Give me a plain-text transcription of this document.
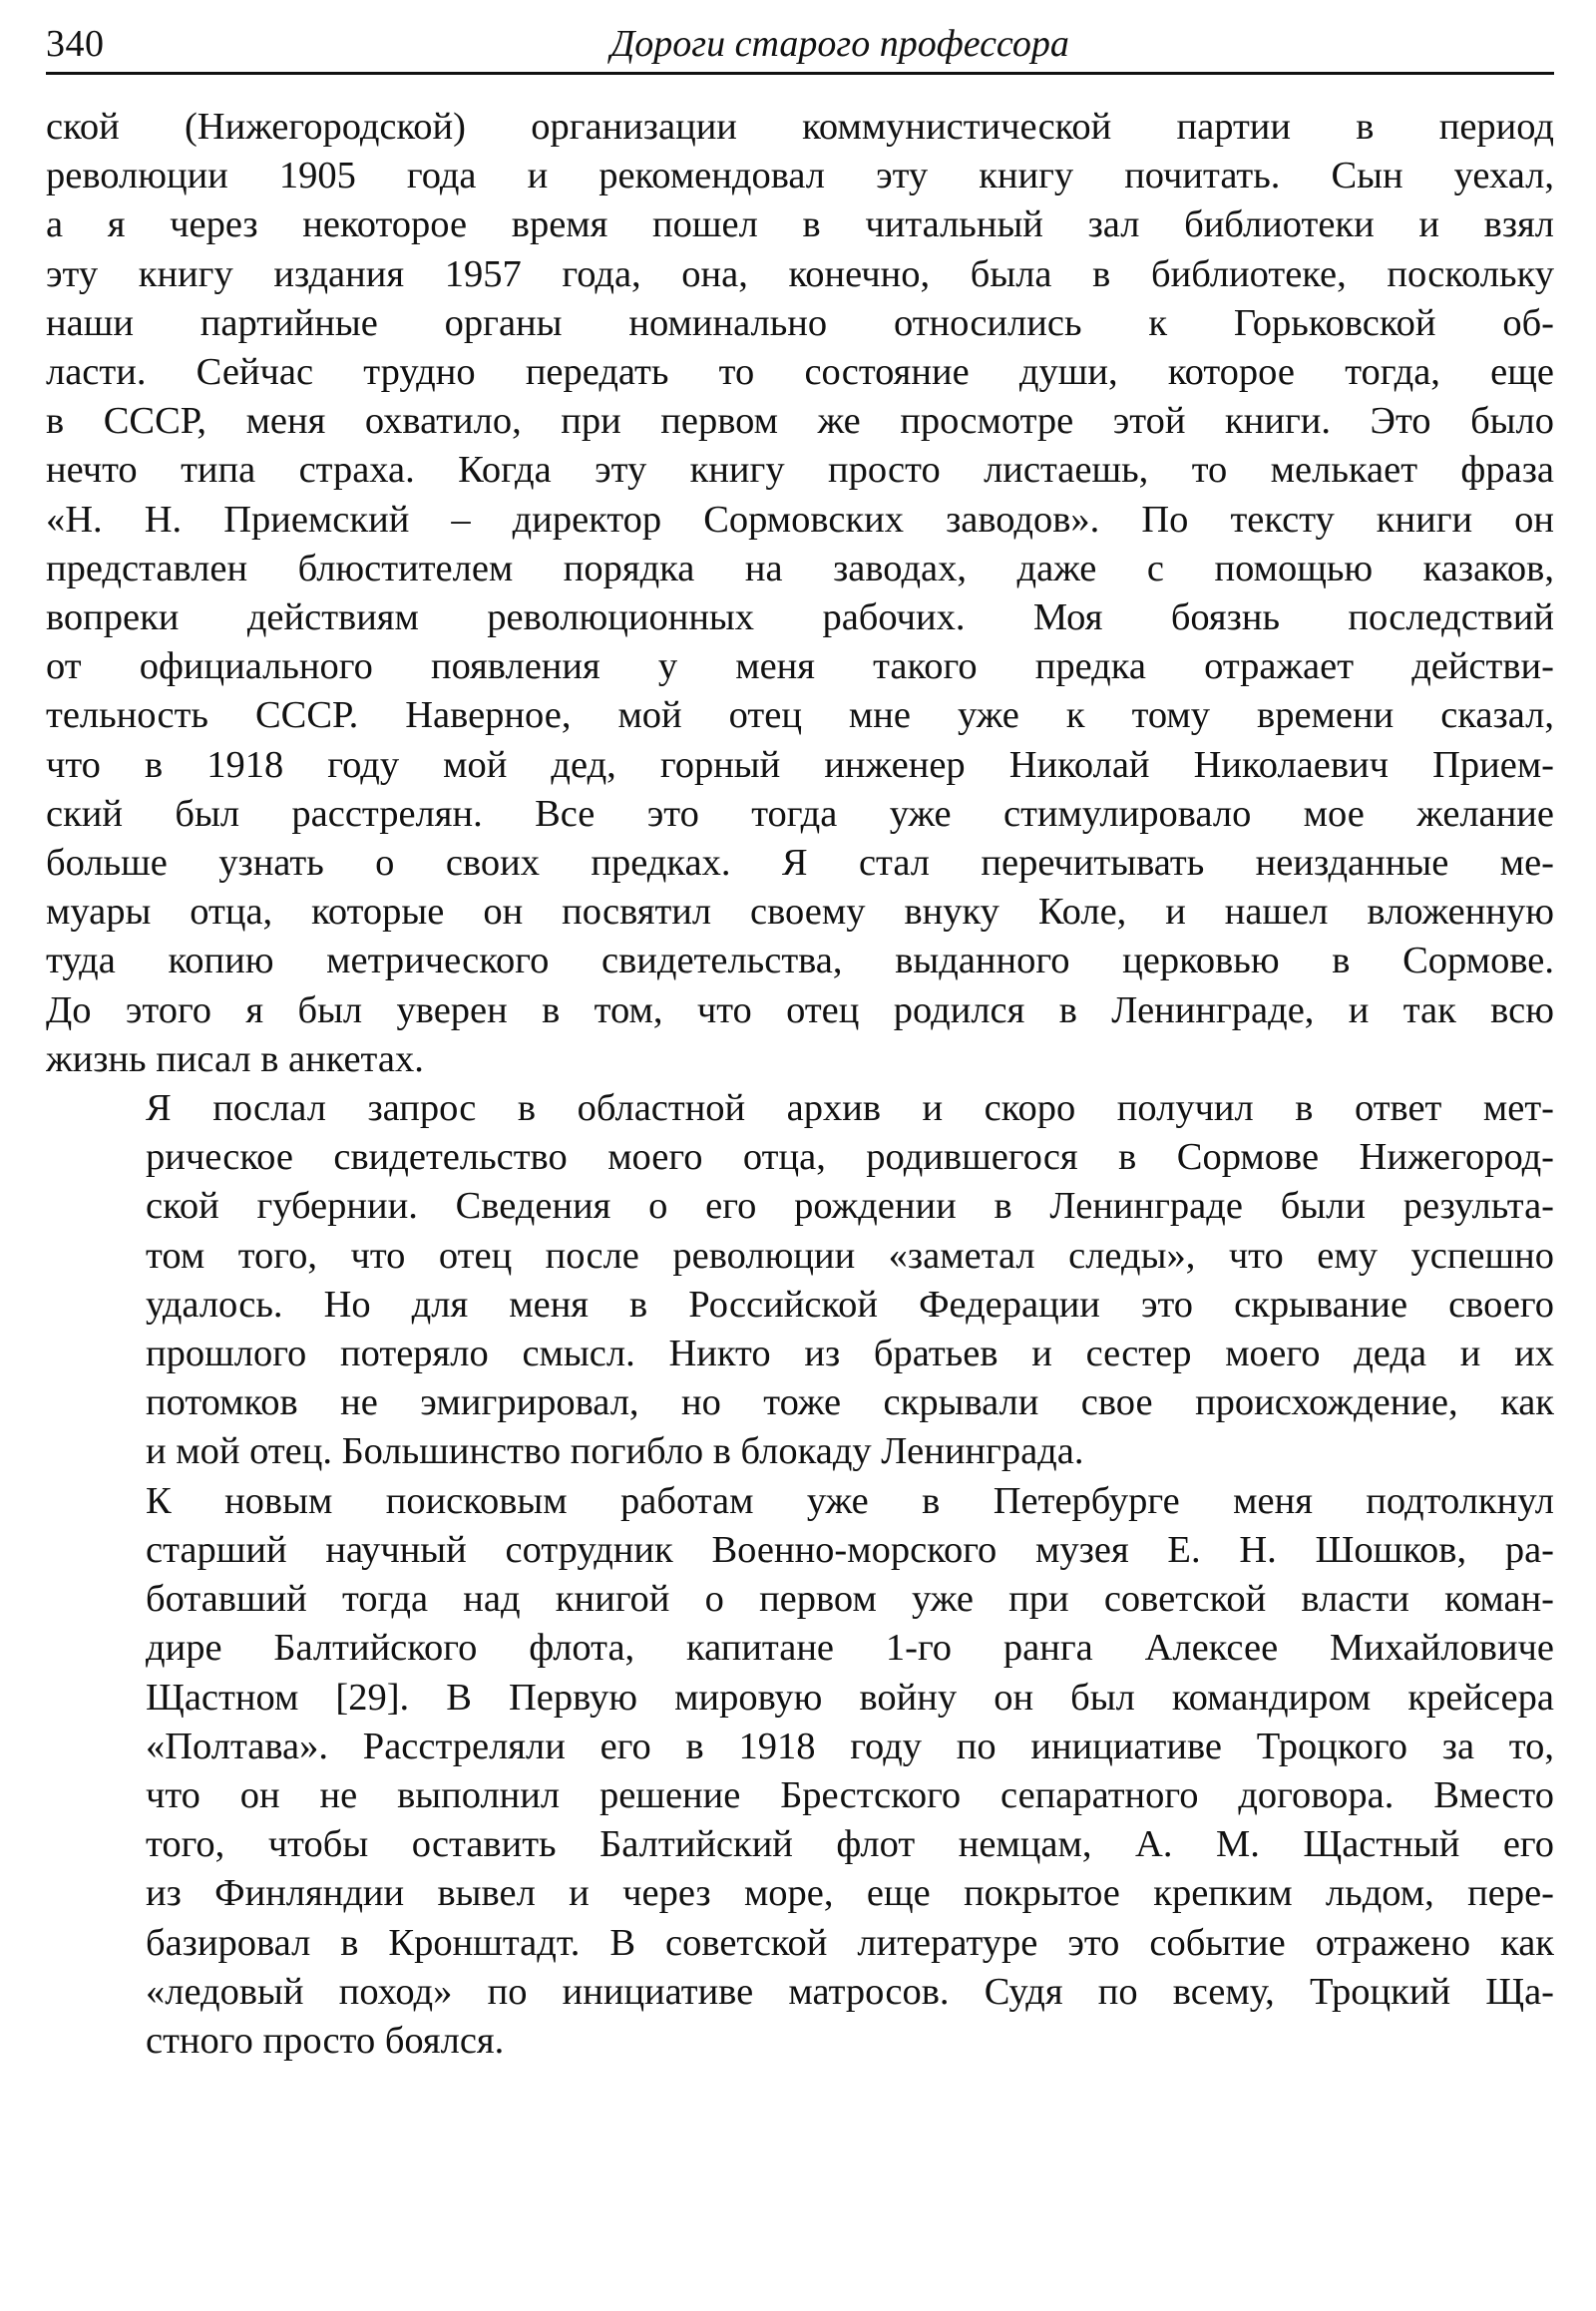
340	Дороги старого профессора

ской (Нижегородской) организации коммунистической партии в период
революции 1905 года и рекомендовал эту книгу почитать. Сын уехал,
а я через некоторое время пошел в читальный зал библиотеки и взял
эту книгу издания 1957 года, она, конечно, была в библиотеке, поскольку
наши партийные органы номинально относились к Горьковской об-
ласти. Сейчас трудно передать то состояние души, которое тогда, еще
в СССР, меня охватило, при первом же просмотре этой книги. Это было
нечто типа страха. Когда эту книгу просто листаешь, то мелькает фраза
«Н. Н. Приемский – директор Сормовских заводов». По тексту книги он
представлен блюстителем порядка на заводах, даже с помощью казаков,
вопреки действиям революционных рабочих. Моя боязнь последствий
от официального появления у меня такого предка отражает действи-
тельность СССР. Наверное, мой отец мне уже к тому времени сказал,
что в 1918 году мой дед, горный инженер Николай Николаевич Прием-
ский был расстрелян. Все это тогда уже стимулировало мое желание
больше узнать о своих предках. Я стал перечитывать неизданные ме-
муары отца, которые он посвятил своему внуку Коле, и нашел вложенную
туда копию метрического свидетельства, выданного церковью в Сормове.
До этого я был уверен в том, что отец родился в Ленинграде, и так всю
жизнь писал в анкетах.

Я послал запрос в областной архив и скоро получил в ответ мет-
рическое свидетельство моего отца, родившегося в Сормове Нижегород-
ской губернии. Сведения о его рождении в Ленинграде были результа-
том того, что отец после революции «заметал следы», что ему успешно
удалось. Но для меня в Российской Федерации это скрывание своего
прошлого потеряло смысл. Никто из братьев и сестер моего деда и их
потомков не эмигрировал, но тоже скрывали свое происхождение, как
и мой отец. Большинство погибло в блокаду Ленинграда.

К новым поисковым работам уже в Петербурге меня подтолкнул
старший научный сотрудник Военно-морского музея Е. Н. Шошков, ра-
ботавший тогда над книгой о первом уже при советской власти коман-
дире Балтийского флота, капитане 1-го ранга Алексее Михайловиче
Щастном [29]. В Первую мировую войну он был командиром крейсера
«Полтава». Расстреляли его в 1918 году по инициативе Троцкого за то,
что он не выполнил решение Брестского сепаратного договора. Вместо
того, чтобы оставить Балтийский флот немцам, А. М. Щастный его
из Финляндии вывел и через море, еще покрытое крепким льдом, пере-
базировал в Кронштадт. В советской литературе это событие отражено как
«ледовый поход» по инициативе матросов. Судя по всему, Троцкий Ща-
стного просто боялся.
